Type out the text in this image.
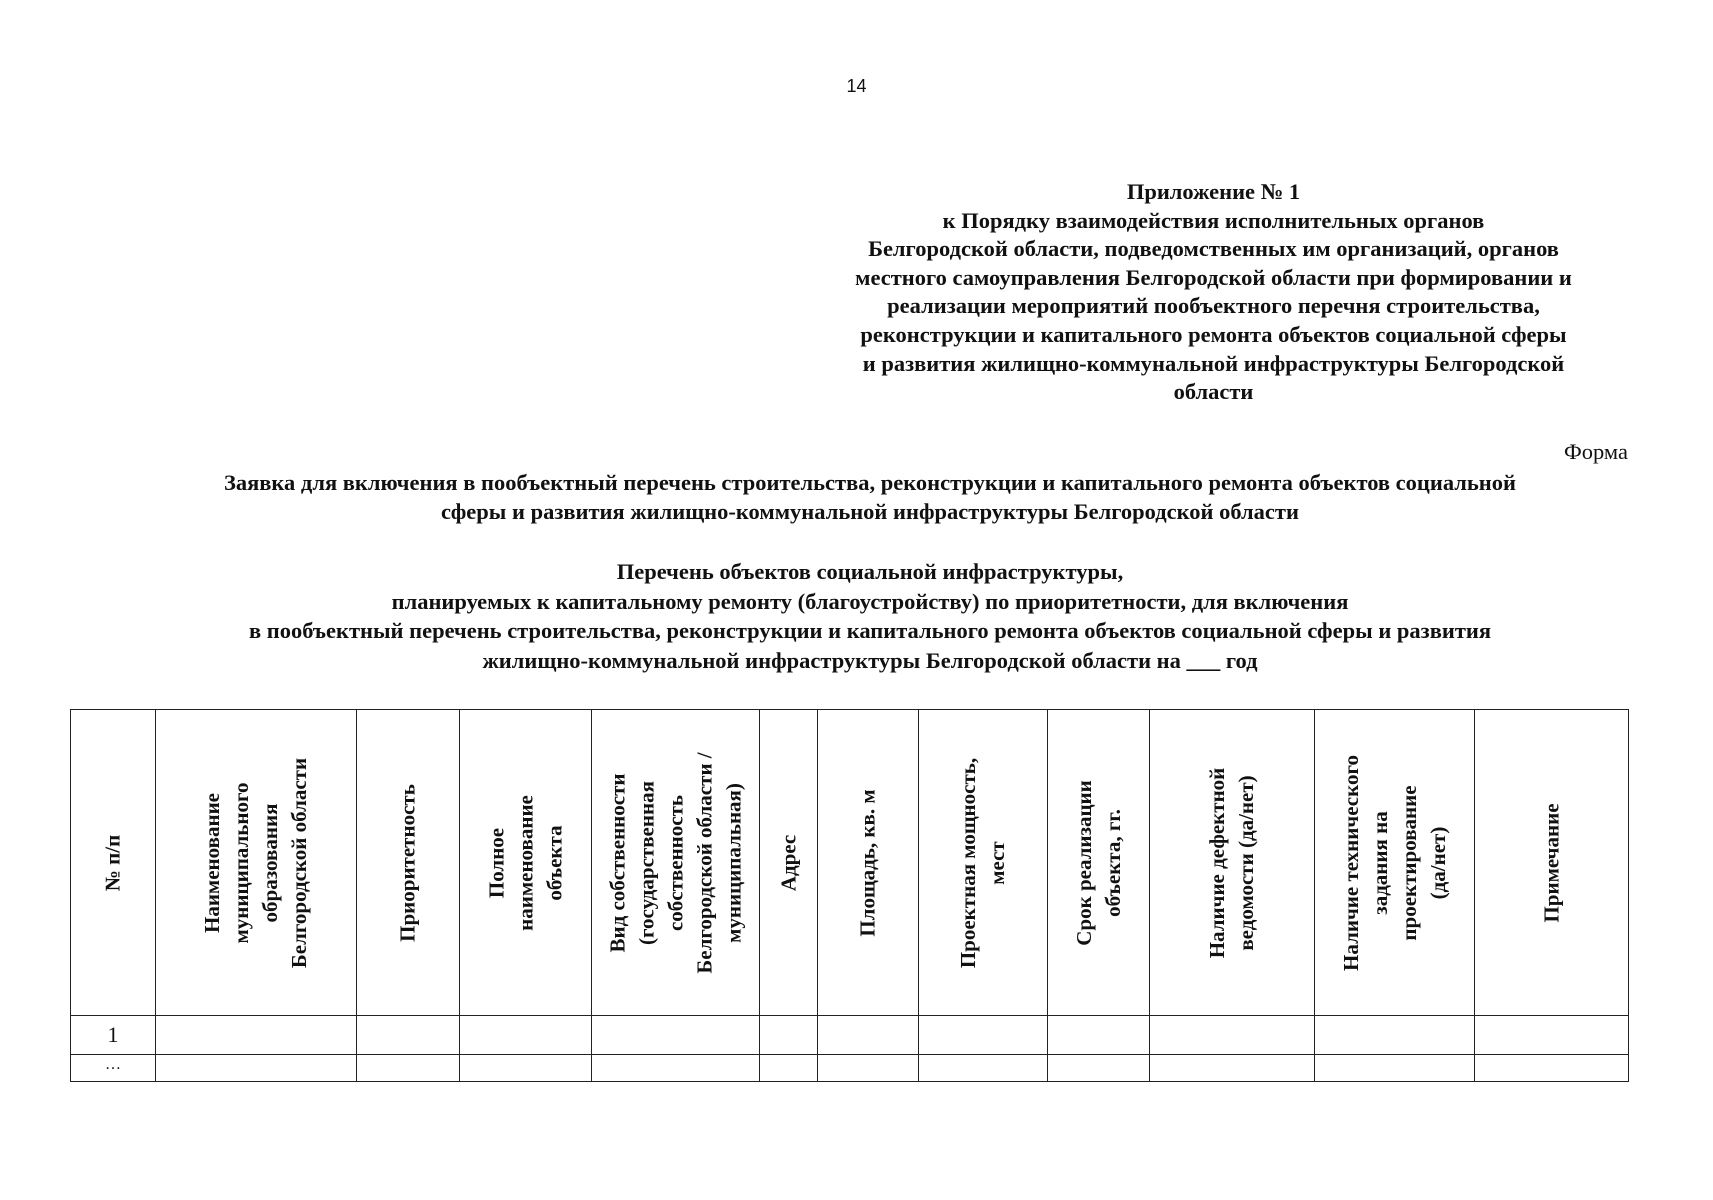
14
Приложение № 1
к Порядку взаимодействия исполнительных органов
Белгородской области, подведомственных им организаций, органов
местного самоуправления Белгородской области при формировании и
реализации мероприятий пообъектного перечня строительства,
реконструкции и капитального ремонта объектов социальной сферы
и развития жилищно-коммунальной инфраструктуры Белгородской
области
Форма
Заявка для включения в пообъектный перечень строительства, реконструкции и капитального ремонта объектов социальной
сферы и развития жилищно-коммунальной инфраструктуры Белгородской области
Перечень объектов социальной инфраструктуры,
планируемых к капитальному ремонту (благоустройству) по приоритетности, для включения
в пообъектный перечень строительства, реконструкции и капитального ремонта объектов социальной сферы и развития
жилищно-коммунальной инфраструктуры Белгородской области на ___ год
№ п/п	Наименование
муниципального
образования
Белгородской области	Приоритетность	Полное
наименование
объекта	Вид собственности
(государственная
собственность
Белгородской области /
муниципальная)	Адрес	Площадь, кв. м	Проектная мощность,
мест	Срок реализации
объекта, гг.	Наличие дефектной
ведомости (да/нет)	Наличие технического
задания на
проектирование
(да/нет)	Примечание

1											
…											
